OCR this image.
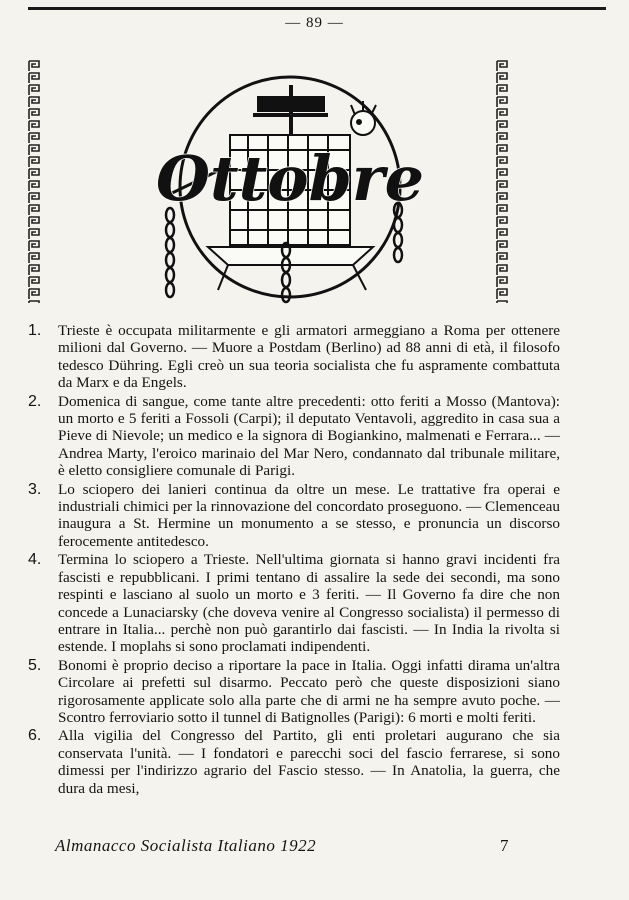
— 89 —
Ottobre
1. Trieste è occupata militarmente e gli armatori armeggiano a Roma per ottenere milioni dal Governo. — Muore a Postdam (Berlino) ad 88 anni di età, il filosofo tedesco Dühring. Egli creò un sua teoria socialista che fu aspramente combattuta da Marx e da Engels.
2. Domenica di sangue, come tante altre precedenti: otto feriti a Mosso (Mantova): un morto e 5 feriti a Fossoli (Carpi); il deputato Ventavoli, aggredito in casa sua a Pieve di Nievole; un medico e la signora di Bogiankino, malmenati e Ferrara... — Andrea Marty, l'eroico marinaio del Mar Nero, condannato dal tribunale militare, è eletto consigliere comunale di Parigi.
3. Lo sciopero dei lanieri continua da oltre un mese. Le trattative fra operai e industriali chimici per la rinnovazione del concordato proseguono. — Clemenceau inaugura a St. Hermine un monumento a se stesso, e pronuncia un discorso ferocemente antitedesco.
4. Termina lo sciopero a Trieste. Nell'ultima giornata si hanno gravi incidenti fra fascisti e repubblicani. I primi tentano di assalire la sede dei secondi, ma sono respinti e lasciano al suolo un morto e 3 feriti. — Il Governo fa dire che non concede a Lunaciarsky (che doveva venire al Congresso socialista) il permesso di entrare in Italia... perchè non può garantirlo dai fascisti. — In India la rivolta si estende. I moplahs si sono proclamati indipendenti.
5. Bonomi è proprio deciso a riportare la pace in Italia. Oggi infatti dirama un'altra Circolare ai prefetti sul disarmo. Peccato però che queste disposizioni siano rigorosamente applicate solo alla parte che di armi ne ha sempre avuto poche. — Scontro ferroviario sotto il tunnel di Batignolles (Parigi): 6 morti e molti feriti.
6. Alla vigilia del Congresso del Partito, gli enti proletari augurano che sia conservata l'unità. — I fondatori e parecchi soci del fascio ferrarese, si sono dimessi per l'indirizzo agrario del Fascio stesso. — In Anatolia, la guerra, che dura da mesi,
Almanacco Socialista Italiano 1922	7
